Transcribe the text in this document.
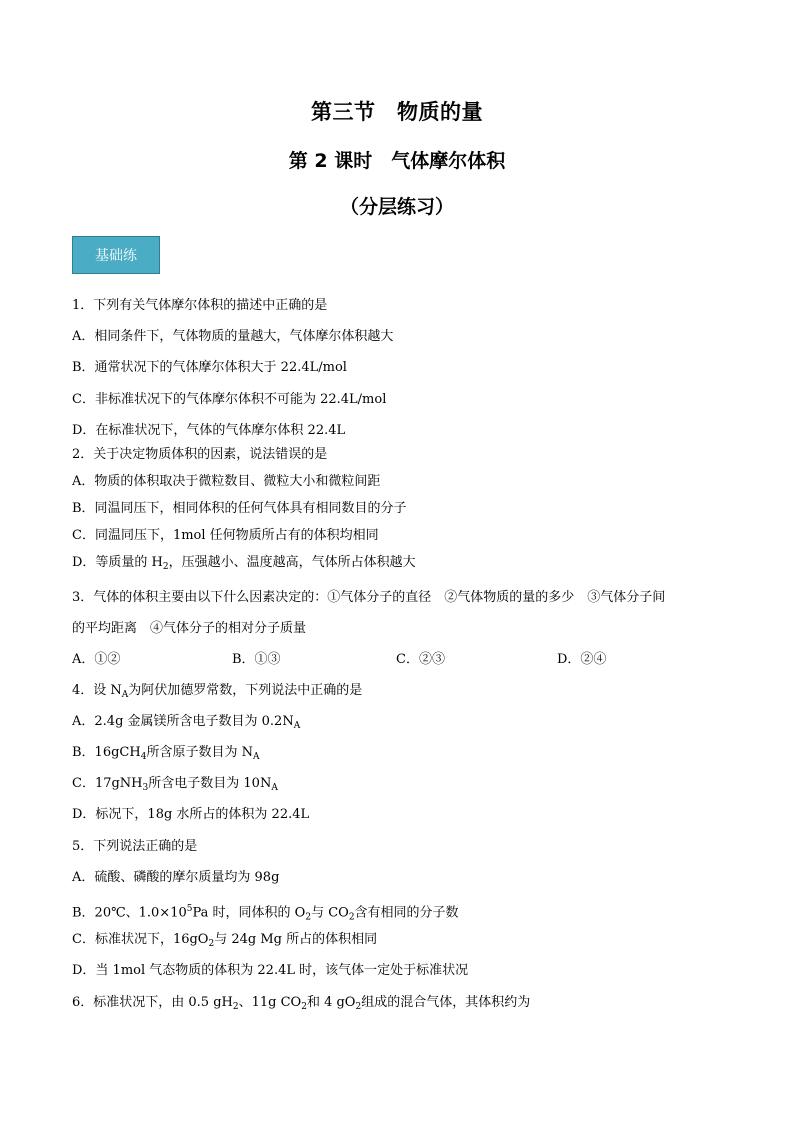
第三节　物质的量
第 2 课时　气体摩尔体积
（分层练习）
基础练
1．下列有关气体摩尔体积的描述中正确的是
A．相同条件下，气体物质的量越大，气体摩尔体积越大
B．通常状况下的气体摩尔体积大于 22.4L/mol
C．非标准状况下的气体摩尔体积不可能为 22.4L/mol
D．在标准状况下，气体的气体摩尔体积 22.4L
2．关于决定物质体积的因素，说法错误的是
A．物质的体积取决于微粒数目、微粒大小和微粒间距
B．同温同压下，相同体积的任何气体具有相同数目的分子
C．同温同压下，1mol 任何物质所占有的体积均相同
D．等质量的 $H_2$，压强越小、温度越高，气体所占体积越大
3．气体的体积主要由以下什么因素决定的：①气体分子的直径　②气体物质的量的多少　③气体分子间
的平均距离　④气体分子的相对分子质量
A．①②	B．①③	C．②③	D．②④
4．设 $N_A$为阿伏加德罗常数，下列说法中正确的是
A．2.4g 金属镁所含电子数目为 $0.2N_A$
B．16gCH$_4$所含原子数目为 $N_A$
C．17gNH$_3$所含电子数目为 $10N_A$
D．标况下，18g 水所占的体积为 22.4L
5．下列说法正确的是
A．硫酸、磷酸的摩尔质量均为 98g
B．20℃、$1.0\times 10^5Pa$ 时，同体积的 $O_2$与 $CO_2$含有相同的分子数
C．标准状况下，$16gO_2$与 24g Mg 所占的体积相同
D．当 1mol 气态物质的体积为 22.4L 时，该气体一定处于标准状况
6．标准状况下，由 0.5 $gH_2$、11g $CO_2$和 4 $gO_2$组成的混合气体，其体积约为
